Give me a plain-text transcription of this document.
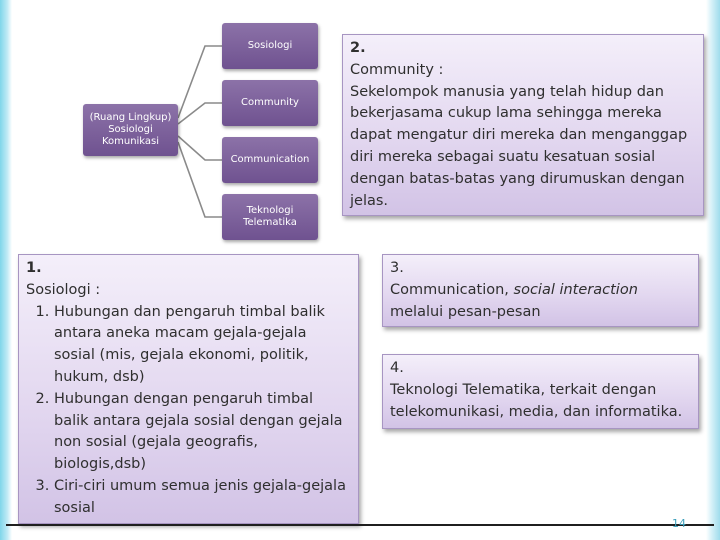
(Ruang Lingkup)
Sosiologi
Komunikasi
Sosiologi
Community
Communication
Teknologi
Telematika
2.
Community :
Sekelompok manusia yang telah hidup dan bekerjasama cukup lama sehingga mereka dapat mengatur diri mereka dan menganggap diri mereka sebagai suatu kesatuan sosial dengan batas-batas yang dirumuskan dengan jelas.
1.
Sosiologi :
1. Hubungan dan pengaruh timbal balik antara aneka macam gejala-gejala sosial (mis, gejala ekonomi, politik, hukum, dsb)
2. Hubungan dengan pengaruh timbal balik antara gejala sosial dengan gejala non sosial (gejala geografis, biologis,dsb)
3. Ciri-ciri umum semua jenis gejala-gejala sosial
3.
Communication, social interaction melalui pesan-pesan
4.
Teknologi Telematika, terkait dengan telekomunikasi, media, dan informatika.
14
